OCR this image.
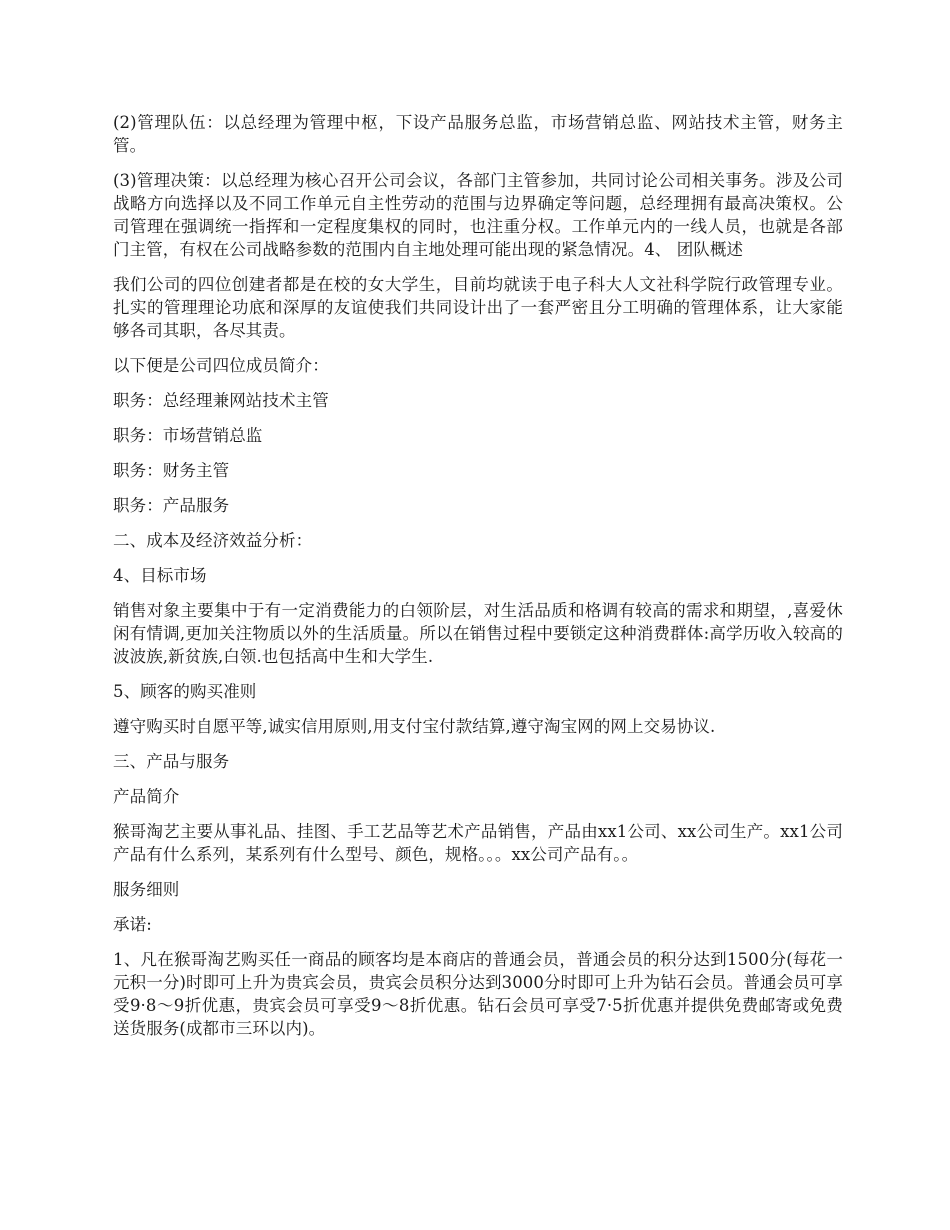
(2)管理队伍：以总经理为管理中枢，下设产品服务总监，市场营销总监、网站技术主管，财务主管。

(3)管理决策：以总经理为核心召开公司会议，各部门主管参加，共同讨论公司相关事务。涉及公司战略方向选择以及不同工作单元自主性劳动的范围与边界确定等问题，总经理拥有最高决策权。公司管理在强调统一指挥和一定程度集权的同时，也注重分权。工作单元内的一线人员，也就是各部门主管，有权在公司战略参数的范围内自主地处理可能出现的紧急情况。4、 团队概述

我们公司的四位创建者都是在校的女大学生，目前均就读于电子科大人文社科学院行政管理专业。扎实的管理理论功底和深厚的友谊使我们共同设计出了一套严密且分工明确的管理体系，让大家能够各司其职，各尽其责。

以下便是公司四位成员简介：

职务：总经理兼网站技术主管

职务：市场营销总监

职务：财务主管

职务：产品服务

二、成本及经济效益分析：

4、目标市场

销售对象主要集中于有一定消费能力的白领阶层，对生活品质和格调有较高的需求和期望，,喜爱休闲有情调,更加关注物质以外的生活质量。所以在销售过程中要锁定这种消费群体:高学历收入较高的波波族,新贫族,白领.也包括高中生和大学生.

5、顾客的购买准则

遵守购买时自愿平等,诚实信用原则,用支付宝付款结算,遵守淘宝网的网上交易协议.

三、产品与服务

产品简介

猴哥淘艺主要从事礼品、挂图、手工艺品等艺术产品销售，产品由xx1公司、xx公司生产。xx1公司产品有什么系列，某系列有什么型号、颜色，规格。。。xx公司产品有。。

服务细则

承诺:

1、凡在猴哥淘艺购买任一商品的顾客均是本商店的普通会员，普通会员的积分达到1500分(每花一元积一分)时即可上升为贵宾会员，贵宾会员积分达到3000分时即可上升为钻石会员。普通会员可享受9·8～9折优惠，贵宾会员可享受9～8折优惠。钻石会员可享受7·5折优惠并提供免费邮寄或免费送货服务(成都市三环以内)。
